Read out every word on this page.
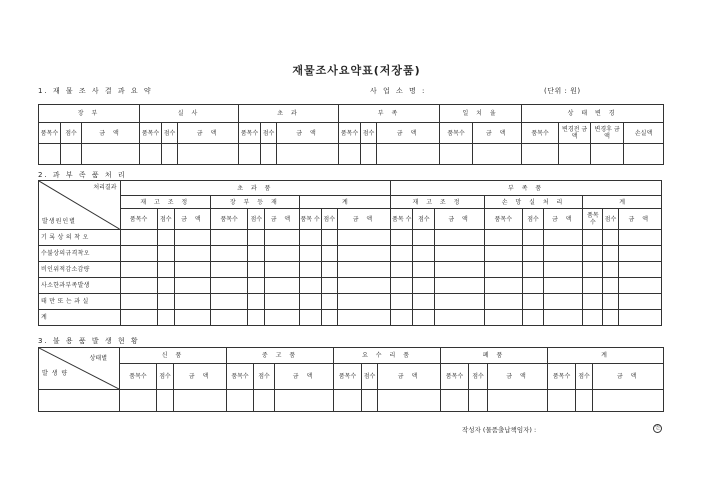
재물조사요약표(저장품)
1. 재 물 조 사 결 과 요 약	사 업 소 명 :	(단위 : 원)
장 부			실 사			초 과			부 족			일 치 율		상 태 변 경			
품목수	점수	금 액	품목수	점수	금 액	품목수	점수	금 액	품목수	점수	금 액	품목수	금 액	품목수	변경전 금 액	변경후 금 액	손실액

2. 과 부 족 품 처 리
처리결과
발생원인별	초 과 품									부 족 품								
	재 고 조 정			장 부 등 재			계			재 고 조 정			손 망 실 처 리			계		
	품목수	점수	금 액	품목수	점수	금 액	품목 수	점수	금 액	품목 수	점수	금 액	품목수	점수	금 액	품목 수	점수	금 액
기 록 상 의 착 오																		
수불상의규격착오																		
비인위적감소감량																		
사소한과부족발생																		
태 만 또 는 과 실																		
계																		
3. 불 용 품 발 생 현 황
상태별
발 생 량	신 품			중 고 품			요 수 리 품			폐 품			계		
	품목수	점수	금 액	품목수	점수	금 액	품목수	점수	금 액	품목수	점수	금 액	품목수	점수	금 액

작성자 (물품출납책임자) :	인
